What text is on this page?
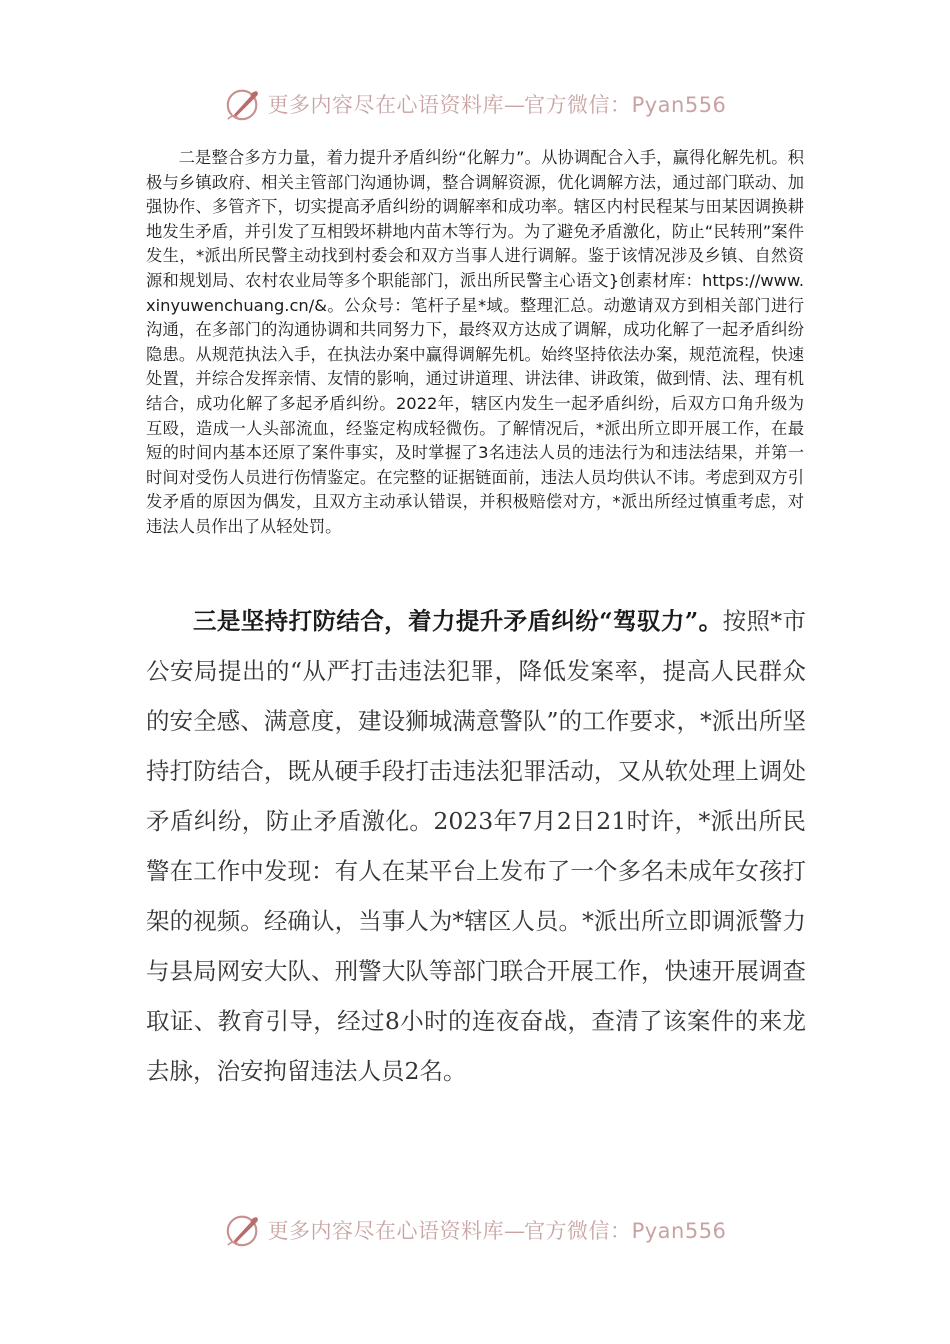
更多内容尽在心语资料库—官方微信：Pyan556

二是整合多方力量，着力提升矛盾纠纷“化解力”。从协调配合入手，赢得化解先机。积极与乡镇政府、相关主管部门沟通协调，整合调解资源，优化调解方法，通过部门联动、加强协作、多管齐下，切实提高矛盾纠纷的调解率和成功率。辖区内村民程某与田某因调换耕地发生矛盾，并引发了互相毁坏耕地内苗木等行为。为了避免矛盾激化，防止“民转刑”案件发生，*派出所民警主动找到村委会和双方当事人进行调解。鉴于该情况涉及乡镇、自然资源和规划局、农村农业局等多个职能部门，派出所民警主心语文}创素材库：https://www.xinyuwenchuang.cn/&。公众号：笔杆子星*域。整理汇总。动邀请双方到相关部门进行沟通，在多部门的沟通协调和共同努力下，最终双方达成了调解，成功化解了一起矛盾纠纷隐患。从规范执法入手，在执法办案中赢得调解先机。始终坚持依法办案，规范流程，快速处置，并综合发挥亲情、友情的影响，通过讲道理、讲法律、讲政策，做到情、法、理有机结合，成功化解了多起矛盾纠纷。2022年，辖区内发生一起矛盾纠纷，后双方口角升级为互殴，造成一人头部流血，经鉴定构成轻微伤。了解情况后，*派出所立即开展工作，在最短的时间内基本还原了案件事实，及时掌握了3名违法人员的违法行为和违法结果，并第一时间对受伤人员进行伤情鉴定。在完整的证据链面前，违法人员均供认不讳。考虑到双方引发矛盾的原因为偶发，且双方主动承认错误，并积极赔偿对方，*派出所经过慎重考虑，对违法人员作出了从轻处罚。

三是坚持打防结合，着力提升矛盾纠纷“驾驭力”。按照*市公安局提出的“从严打击违法犯罪，降低发案率，提高人民群众的安全感、满意度，建设狮城满意警队”的工作要求，*派出所坚持打防结合，既从硬手段打击违法犯罪活动，又从软处理上调处矛盾纠纷，防止矛盾激化。2023年7月2日21时许，*派出所民警在工作中发现：有人在某平台上发布了一个多名未成年女孩打架的视频。经确认，当事人为*辖区人员。*派出所立即调派警力与县局网安大队、刑警大队等部门联合开展工作，快速开展调查取证、教育引导，经过8小时的连夜奋战，查清了该案件的来龙去脉，治安拘留违法人员2名。

更多内容尽在心语资料库—官方微信：Pyan556
